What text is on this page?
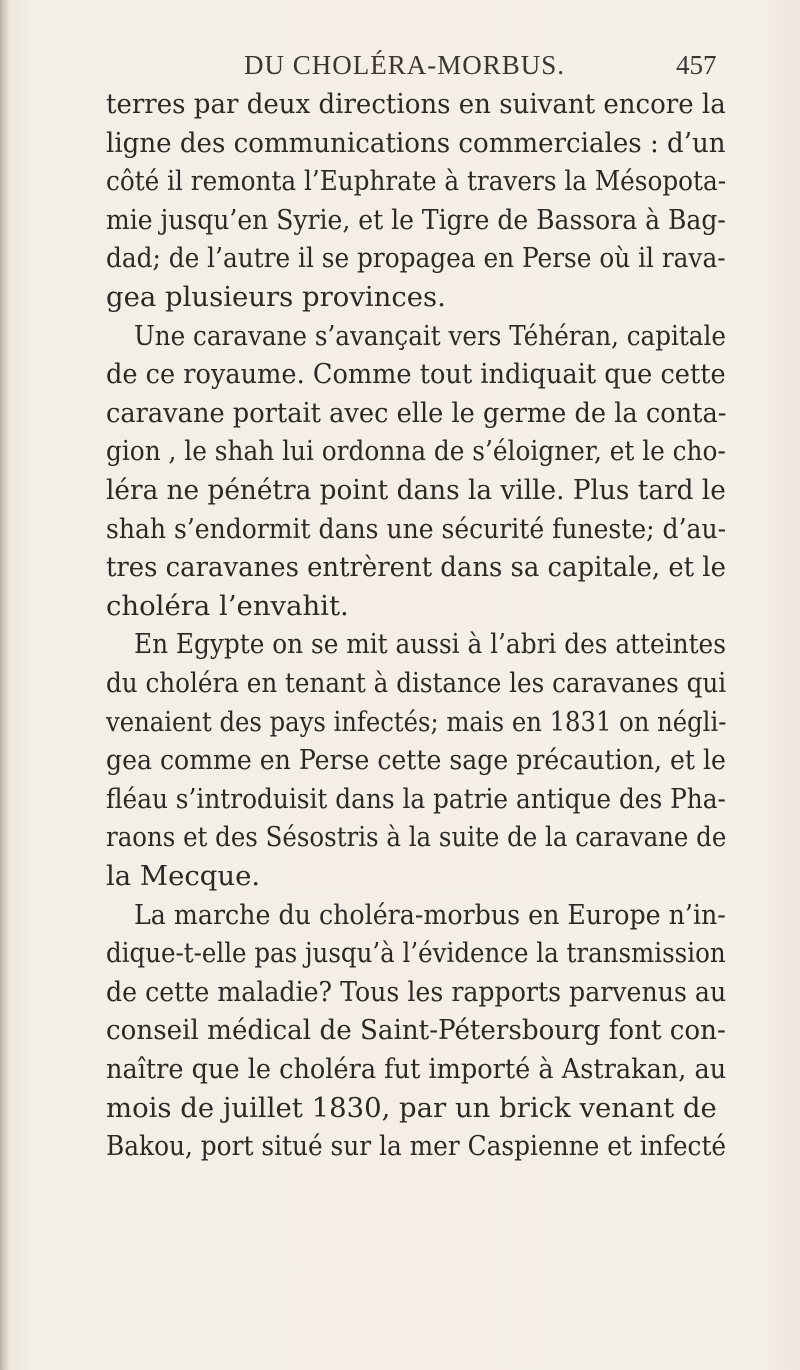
DU CHOLÉRA-MORBUS.	457
terres par deux directions en suivant encore la
ligne des communications commerciales : d’un
côté il remonta l’Euphrate à travers la Mésopota-
mie jusqu’en Syrie, et le Tigre de Bassora à Bag-
dad; de l’autre il se propagea en Perse où il rava-
gea plusieurs provinces.
Une caravane s’avançait vers Téhéran, capitale
de ce royaume. Comme tout indiquait que cette
caravane portait avec elle le germe de la conta-
gion , le shah lui ordonna de s’éloigner, et le cho-
léra ne pénétra point dans la ville. Plus tard le
shah s’endormit dans une sécurité funeste; d’au-
tres caravanes entrèrent dans sa capitale, et le
choléra l’envahit.
En Egypte on se mit aussi à l’abri des atteintes
du choléra en tenant à distance les caravanes qui
venaient des pays infectés; mais en 1831 on négli-
gea comme en Perse cette sage précaution, et le
fléau s’introduisit dans la patrie antique des Pha-
raons et des Sésostris à la suite de la caravane de
la Mecque.
La marche du choléra-morbus en Europe n’in-
dique-t-elle pas jusqu’à l’évidence la transmission
de cette maladie? Tous les rapports parvenus au
conseil médical de Saint-Pétersbourg font con-
naître que le choléra fut importé à Astrakan, au
mois de juillet 1830, par un brick venant de
Bakou, port situé sur la mer Caspienne et infecté
